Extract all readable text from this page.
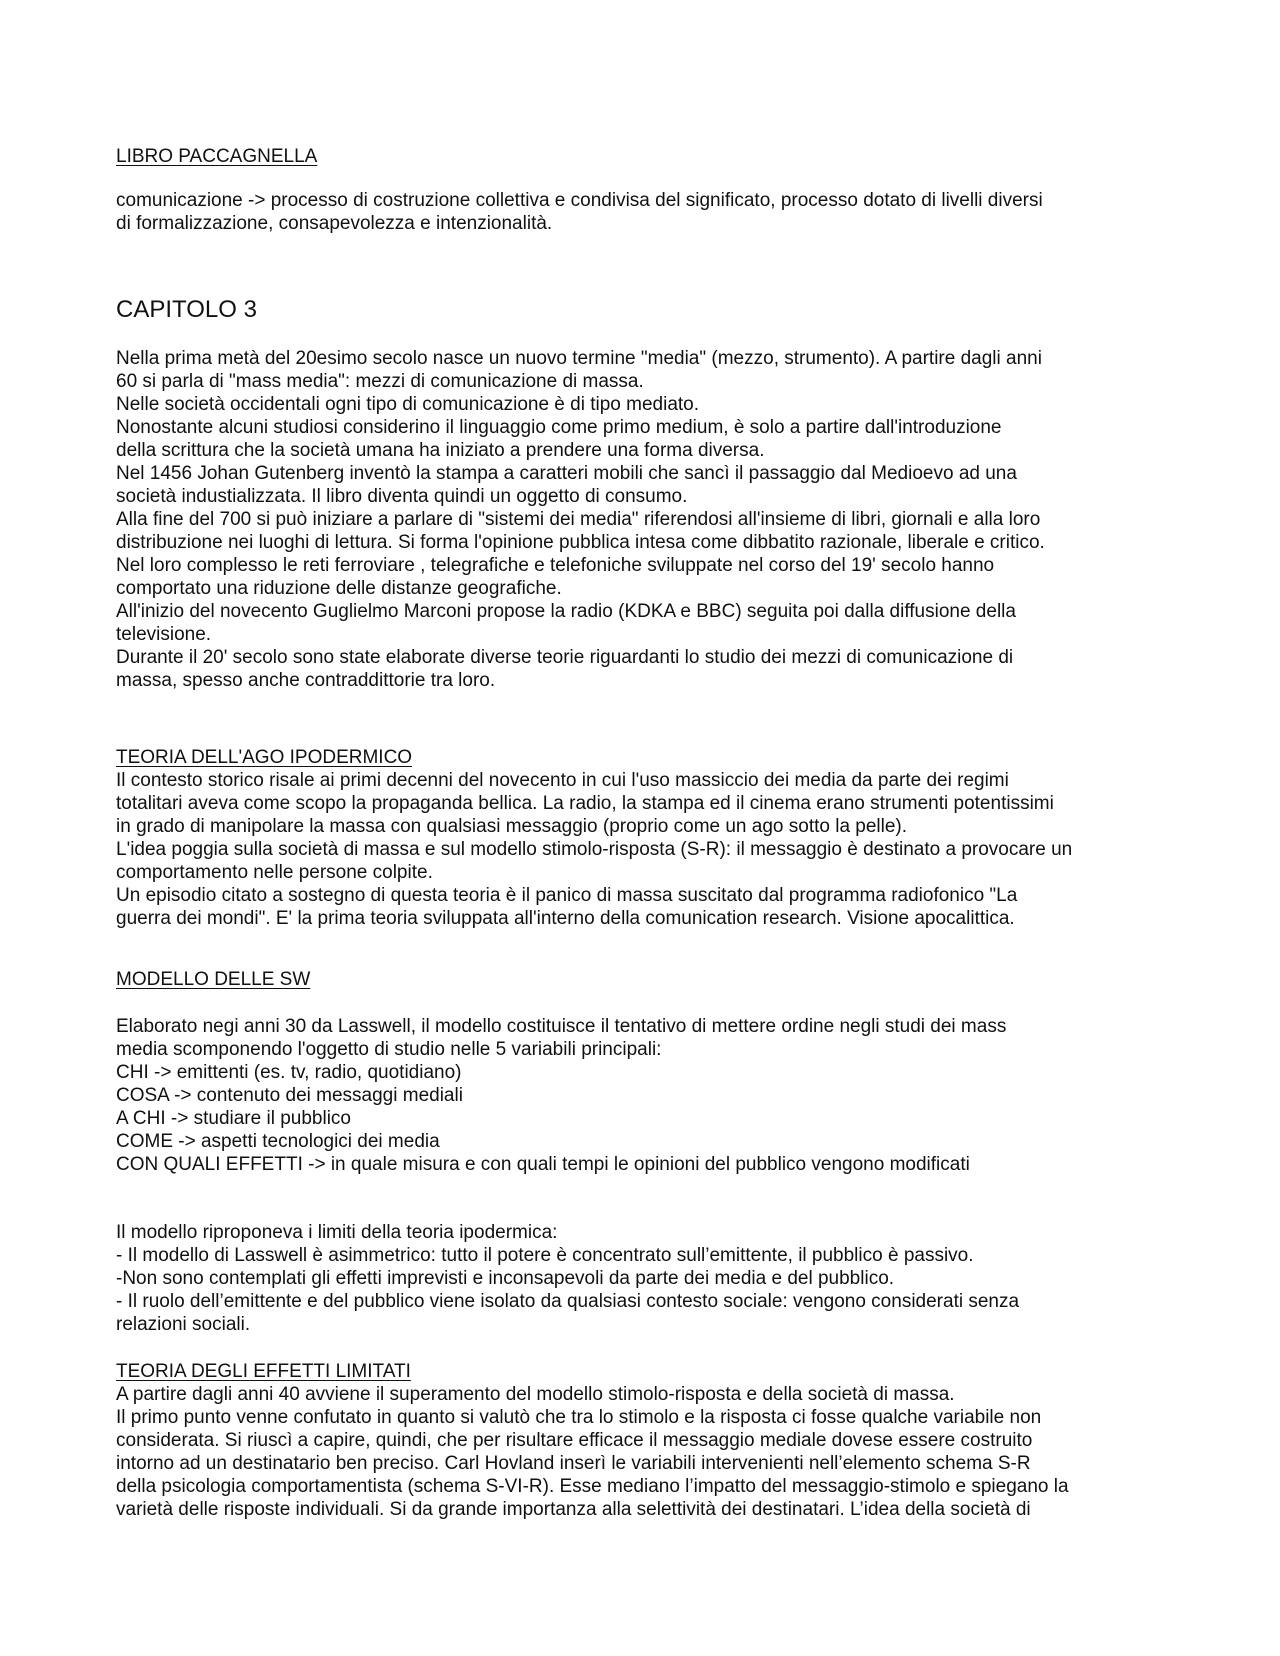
LIBRO PACCAGNELLA
comunicazione -> processo di costruzione collettiva e condivisa del significato, processo dotato di livelli diversi
di formalizzazione, consapevolezza e intenzionalità.
CAPITOLO 3
Nella prima metà del 20esimo secolo nasce un nuovo termine "media" (mezzo, strumento). A partire dagli anni
60 si parla di "mass media": mezzi di comunicazione di massa.
Nelle società occidentali ogni tipo di comunicazione è di tipo mediato.
Nonostante alcuni studiosi considerino il linguaggio come primo medium, è solo a partire dall'introduzione
della scrittura che la società umana ha iniziato a prendere una forma diversa.
Nel 1456 Johan Gutenberg inventò la stampa a caratteri mobili che sancì il passaggio dal Medioevo ad una
società industializzata. Il libro diventa quindi un oggetto di consumo.
Alla fine del 700 si può iniziare a parlare di "sistemi dei media" riferendosi all'insieme di libri, giornali e alla loro
distribuzione nei luoghi di lettura. Si forma l'opinione pubblica intesa come dibbatito razionale, liberale e critico.
Nel loro complesso le reti ferroviare , telegrafiche e telefoniche sviluppate nel corso del 19' secolo hanno
comportato una riduzione delle distanze geografiche.
All'inizio del novecento Guglielmo Marconi propose la radio (KDKA e BBC) seguita poi dalla diffusione della
televisione.
Durante il 20' secolo sono state elaborate diverse teorie riguardanti lo studio dei mezzi di comunicazione di
massa, spesso anche contraddittorie tra loro.
TEORIA DELL'AGO IPODERMICO
Il contesto storico risale ai primi decenni del novecento in cui l'uso massiccio dei media da parte dei regimi
totalitari aveva come scopo la propaganda bellica. La radio, la stampa ed il cinema erano strumenti potentissimi
in grado di manipolare la massa con qualsiasi messaggio (proprio come un ago sotto la pelle).
L'idea poggia sulla società di massa e sul modello stimolo-risposta (S-R): il messaggio è destinato a provocare un
comportamento nelle persone colpite.
Un episodio citato a sostegno di questa teoria è il panico di massa suscitato dal programma radiofonico "La
guerra dei mondi". E' la prima teoria sviluppata all'interno della comunication research. Visione apocalittica.
MODELLO DELLE SW
Elaborato negi anni 30 da Lasswell, il modello costituisce il tentativo di mettere ordine negli studi dei mass
media scomponendo l'oggetto di studio nelle 5 variabili principali:
CHI -> emittenti (es. tv, radio, quotidiano)
COSA -> contenuto dei messaggi mediali
A CHI -> studiare il pubblico
COME -> aspetti tecnologici dei media
CON QUALI EFFETTI -> in quale misura e con quali tempi le opinioni del pubblico vengono modificati
Il modello riproponeva i limiti della teoria ipodermica:
- Il modello di Lasswell è asimmetrico: tutto il potere è concentrato sull’emittente, il pubblico è passivo.
-Non sono contemplati gli effetti imprevisti e inconsapevoli da parte dei media e del pubblico.
- Il ruolo dell’emittente e del pubblico viene isolato da qualsiasi contesto sociale: vengono considerati senza
relazioni sociali.
TEORIA DEGLI EFFETTI LIMITATI
A partire dagli anni 40 avviene il superamento del modello stimolo-risposta e della società di massa.
Il primo punto venne confutato in quanto si valutò che tra lo stimolo e la risposta ci fosse qualche variabile non
considerata. Si riuscì a capire, quindi, che per risultare efficace il messaggio mediale dovese essere costruito
intorno ad un destinatario ben preciso. Carl Hovland inserì le variabili intervenienti nell’elemento schema S-R
della psicologia comportamentista (schema S-VI-R). Esse mediano l’impatto del messaggio-stimolo e spiegano la
varietà delle risposte individuali. Si da grande importanza alla selettività dei destinatari. L’idea della società di
